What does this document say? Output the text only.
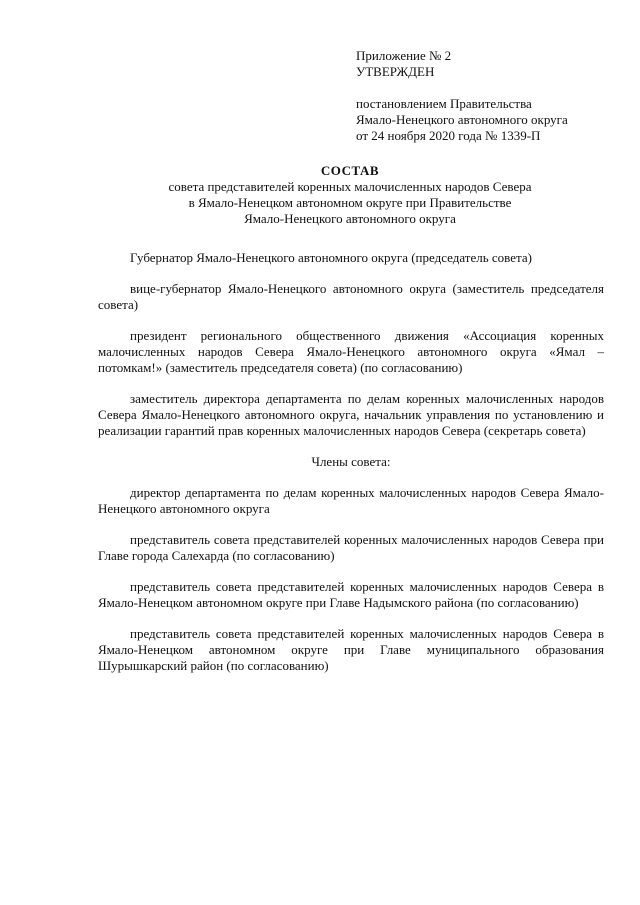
Приложение № 2
УТВЕРЖДЕН
постановлением Правительства
Ямало-Ненецкого автономного округа
от 24 ноября 2020 года № 1339-П
СОСТАВ
совета представителей коренных малочисленных народов Севера
в Ямало-Ненецком автономном округе при Правительстве
Ямало-Ненецкого автономного округа

Губернатор Ямало-Ненецкого автономного округа (председатель совета)

вице-губернатор Ямало-Ненецкого автономного округа (заместитель председателя совета)

президент регионального общественного движения «Ассоциация коренных малочисленных народов Севера Ямало-Ненецкого автономного округа «Ямал – потомкам!» (заместитель председателя совета) (по согласованию)

заместитель директора департамента по делам коренных малочисленных народов Севера Ямало-Ненецкого автономного округа, начальник управления по установлению и реализации гарантий прав коренных малочисленных народов Севера (секретарь совета)

Члены совета:

директор департамента по делам коренных малочисленных народов Севера Ямало-Ненецкого автономного округа

представитель совета представителей коренных малочисленных народов Севера при Главе города Салехарда (по согласованию)

представитель совета представителей коренных малочисленных народов Севера в Ямало-Ненецком автономном округе при Главе Надымского района (по согласованию)

представитель совета представителей коренных малочисленных народов Севера в Ямало-Ненецком автономном округе при Главе муниципального образования Шурышкарский район (по согласованию)
